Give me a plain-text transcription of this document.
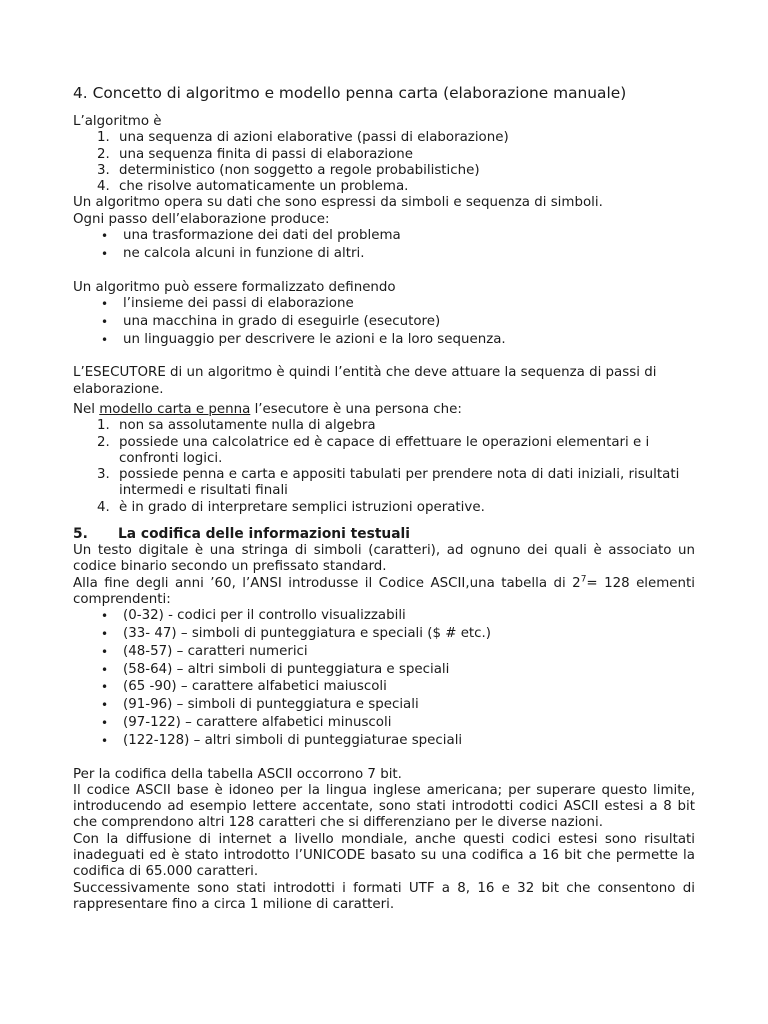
4. Concetto di algoritmo e modello penna carta (elaborazione manuale)

L’algoritmo è

1. una sequenza di azioni elaborative (passi di elaborazione)
2. una sequenza finita di passi di elaborazione
3. deterministico (non soggetto a regole probabilistiche)
4. che risolve automaticamente un problema.

Un algoritmo opera su dati che sono espressi da simboli e sequenza di simboli.

Ogni passo dell’elaborazione produce:

• una trasformazione dei dati del problema
• ne calcola alcuni in funzione di altri.

Un algoritmo può essere formalizzato definendo

• l’insieme dei passi di elaborazione
• una macchina in grado di eseguirle (esecutore)
• un linguaggio per descrivere le azioni e la loro sequenza.

L’ESECUTORE di un algoritmo è quindi l’entità che deve attuare la sequenza di passi di elaborazione.

Nel modello carta e penna l’esecutore è una persona che:

1. non sa assolutamente nulla di algebra
2. possiede una calcolatrice ed è capace di effettuare le operazioni elementari e i confronti logici.
3. possiede penna e carta e appositi tabulati per prendere nota di dati iniziali, risultati intermedi e risultati finali
4. è in grado di interpretare semplici istruzioni operative.
5. La codifica delle informazioni testuali

Un testo digitale è una stringa di simboli (caratteri), ad ognuno dei quali è associato un codice binario secondo un prefissato standard.

Alla fine degli anni ’60, l’ANSI introdusse il Codice ASCII,una tabella di $2^7= 128$ elementi comprendenti:

• (0-32) - codici per il controllo visualizzabili
• (33- 47) – simboli di punteggiatura e speciali ($ # etc.)
• (48-57) – caratteri numerici
• (58-64) – altri simboli di punteggiatura e speciali
• (65 -90) – carattere alfabetici maiuscoli
• (91-96) – simboli di punteggiatura e speciali
• (97-122) – carattere alfabetici minuscoli
• (122-128) – altri simboli di punteggiaturae speciali

Per la codifica della tabella ASCII occorrono 7 bit.

Il codice ASCII base è idoneo per la lingua inglese americana; per superare questo limite, introducendo ad esempio lettere accentate, sono stati introdotti codici ASCII estesi a 8 bit che comprendono altri 128 caratteri che si differenziano per le diverse nazioni.

Con la diffusione di internet a livello mondiale, anche questi codici estesi sono risultati inadeguati ed è stato introdotto l’UNICODE basato su una codifica a 16 bit che permette la codifica di 65.000 caratteri.

Successivamente sono stati introdotti i formati UTF a 8, 16 e 32 bit che consentono di rappresentare fino a circa 1 milione di caratteri.
